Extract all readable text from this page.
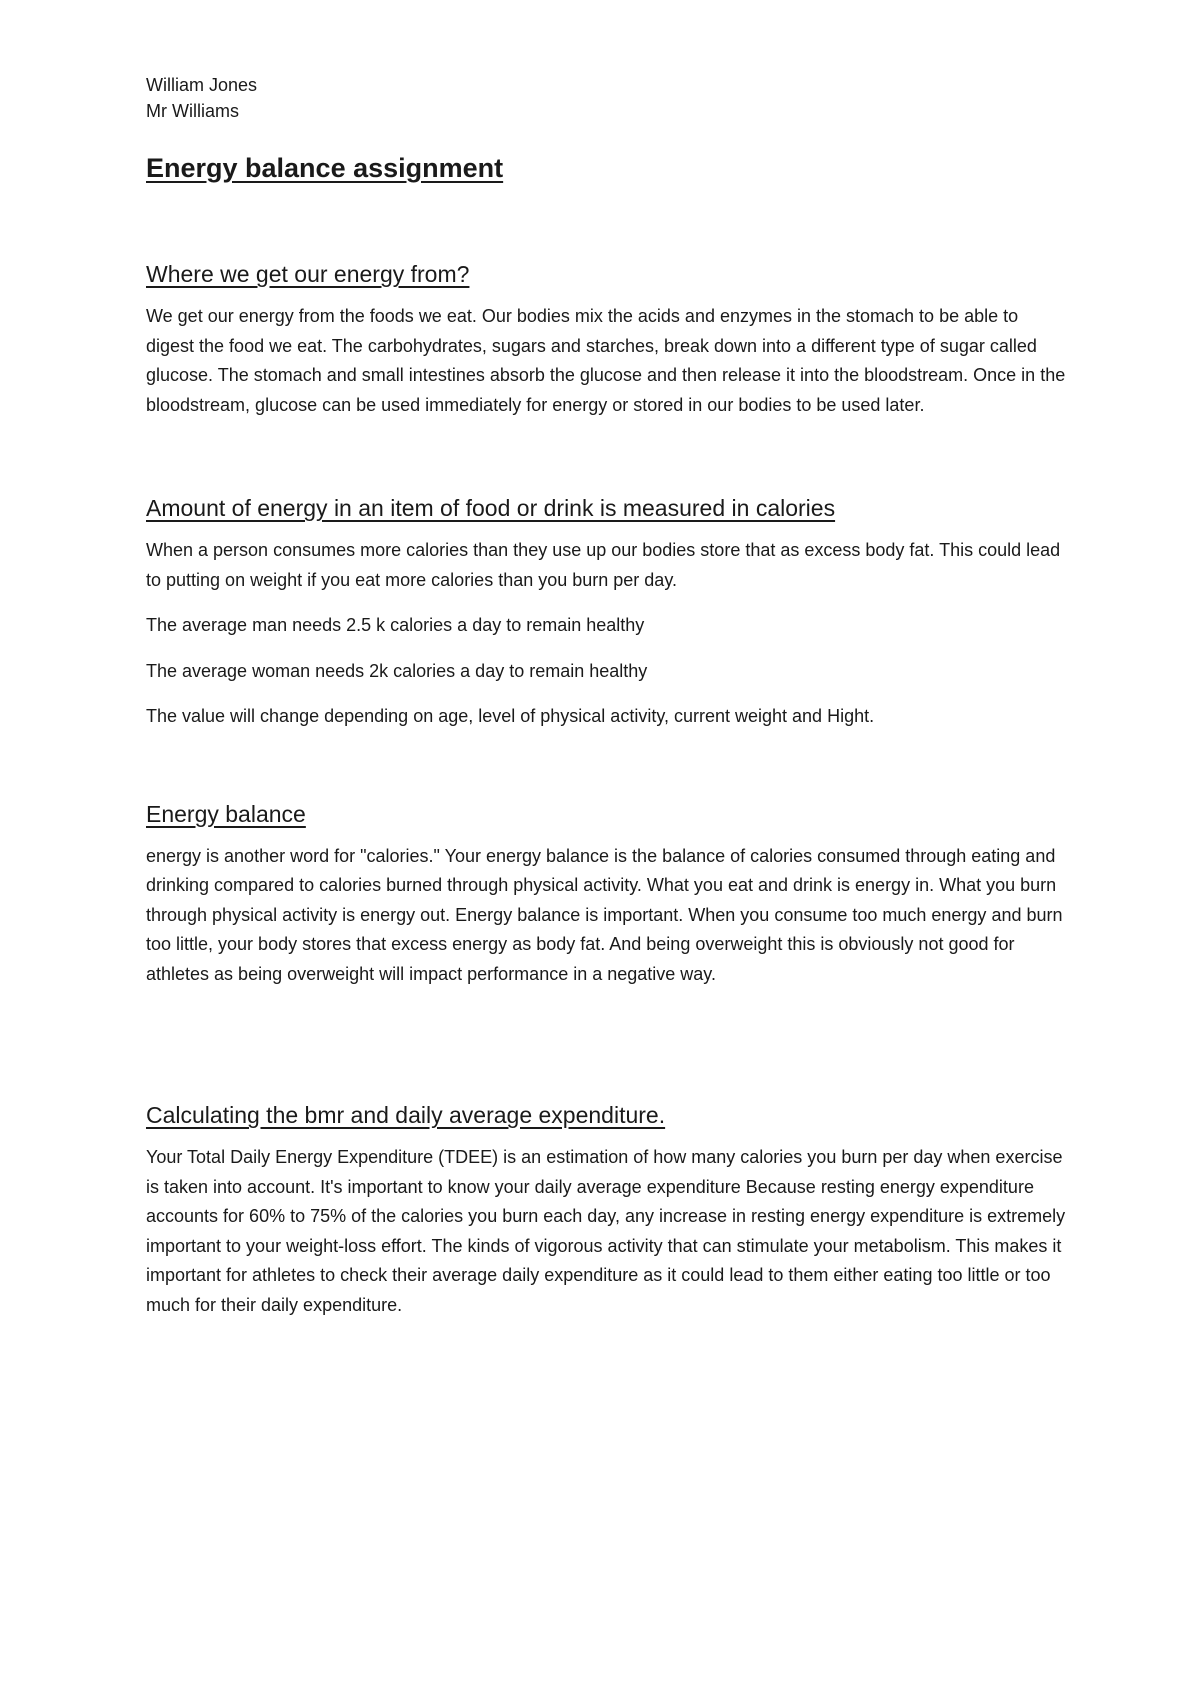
William Jones

Mr Williams

Energy balance assignment
Where we get our energy from?

We get our energy from the foods we eat. Our bodies mix the acids and enzymes in the stomach to be able to digest the food we eat. The carbohydrates, sugars and starches, break down into a different type of sugar called glucose. The stomach and small intestines absorb the glucose and then release it into the bloodstream. Once in the bloodstream, glucose can be used immediately for energy or stored in our bodies to be used later.

Amount of energy in an item of food or drink is measured in calories

When a person consumes more calories than they use up our bodies store that as excess body fat. This could lead to putting on weight if you eat more calories than you burn per day.

The average man needs 2.5 k calories a day to remain healthy

The average woman needs 2k calories a day to remain healthy

The value will change depending on age, level of physical activity, current weight and Hight.

Energy balance

energy is another word for "calories." Your energy balance is the balance of calories consumed through eating and drinking compared to calories burned through physical activity. What you eat and drink is energy in. What you burn through physical activity is energy out. Energy balance is important. When you consume too much energy and burn too little, your body stores that excess energy as body fat. And being overweight this is obviously not good for athletes as being overweight will impact performance in a negative way.

Calculating the bmr and daily average expenditure.

Your Total Daily Energy Expenditure (TDEE) is an estimation of how many calories you burn per day when exercise is taken into account. It's important to know your daily average expenditure Because resting energy expenditure accounts for 60% to 75% of the calories you burn each day, any increase in resting energy expenditure is extremely important to your weight-loss effort. The kinds of vigorous activity that can stimulate your metabolism. This makes it important for athletes to check their average daily expenditure as it could lead to them either eating too little or too much for their daily expenditure.
